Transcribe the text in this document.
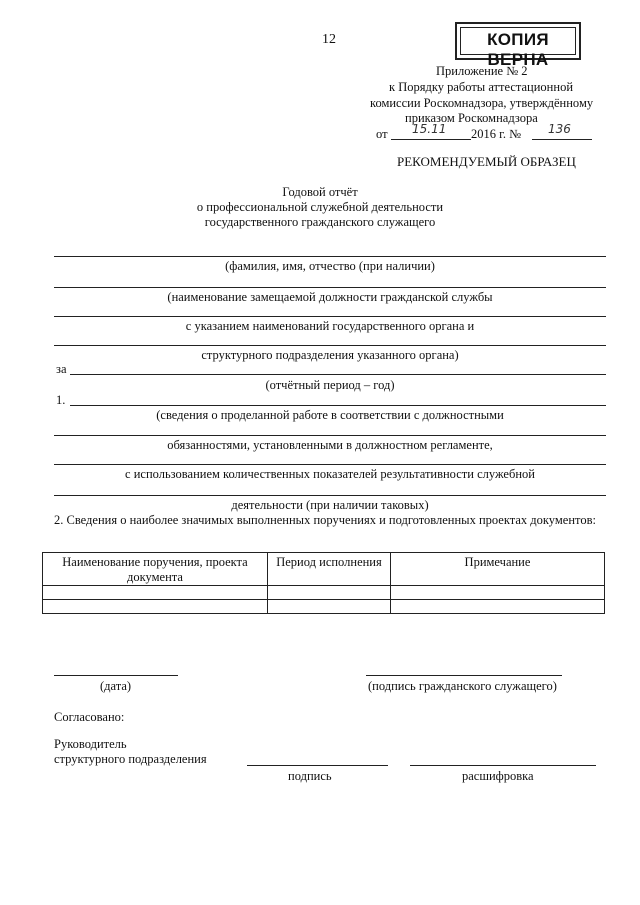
12	КОПИЯ ВЕРНА
Приложение № 2
к Порядку работы аттестационной
комиссии Роскомнадзора, утверждённому
приказом Роскомнадзора
от 15.11 2016 г. № 136
РЕКОМЕНДУЕМЫЙ ОБРАЗЕЦ
Годовой отчёт
о профессиональной служебной деятельности
государственного гражданского служащего
(фамилия, имя, отчество (при наличии)
(наименование замещаемой должности гражданской службы
с указанием наименований государственного органа и
структурного подразделения указанного органа)
за
(отчётный период – год)
1.
(сведения о проделанной работе в соответствии с должностными
обязанностями, установленными в должностном регламенте,
с использованием количественных показателей результативности служебной
деятельности (при наличии таковых)
2. Сведения о наиболее значимых выполненных поручениях и подготовленных проектах документов:
Наименование поручения, проекта документа	Период исполнения	Примечание

(дата)	(подпись гражданского служащего)
Согласовано:
Руководитель
структурного подразделения
подпись	расшифровка
